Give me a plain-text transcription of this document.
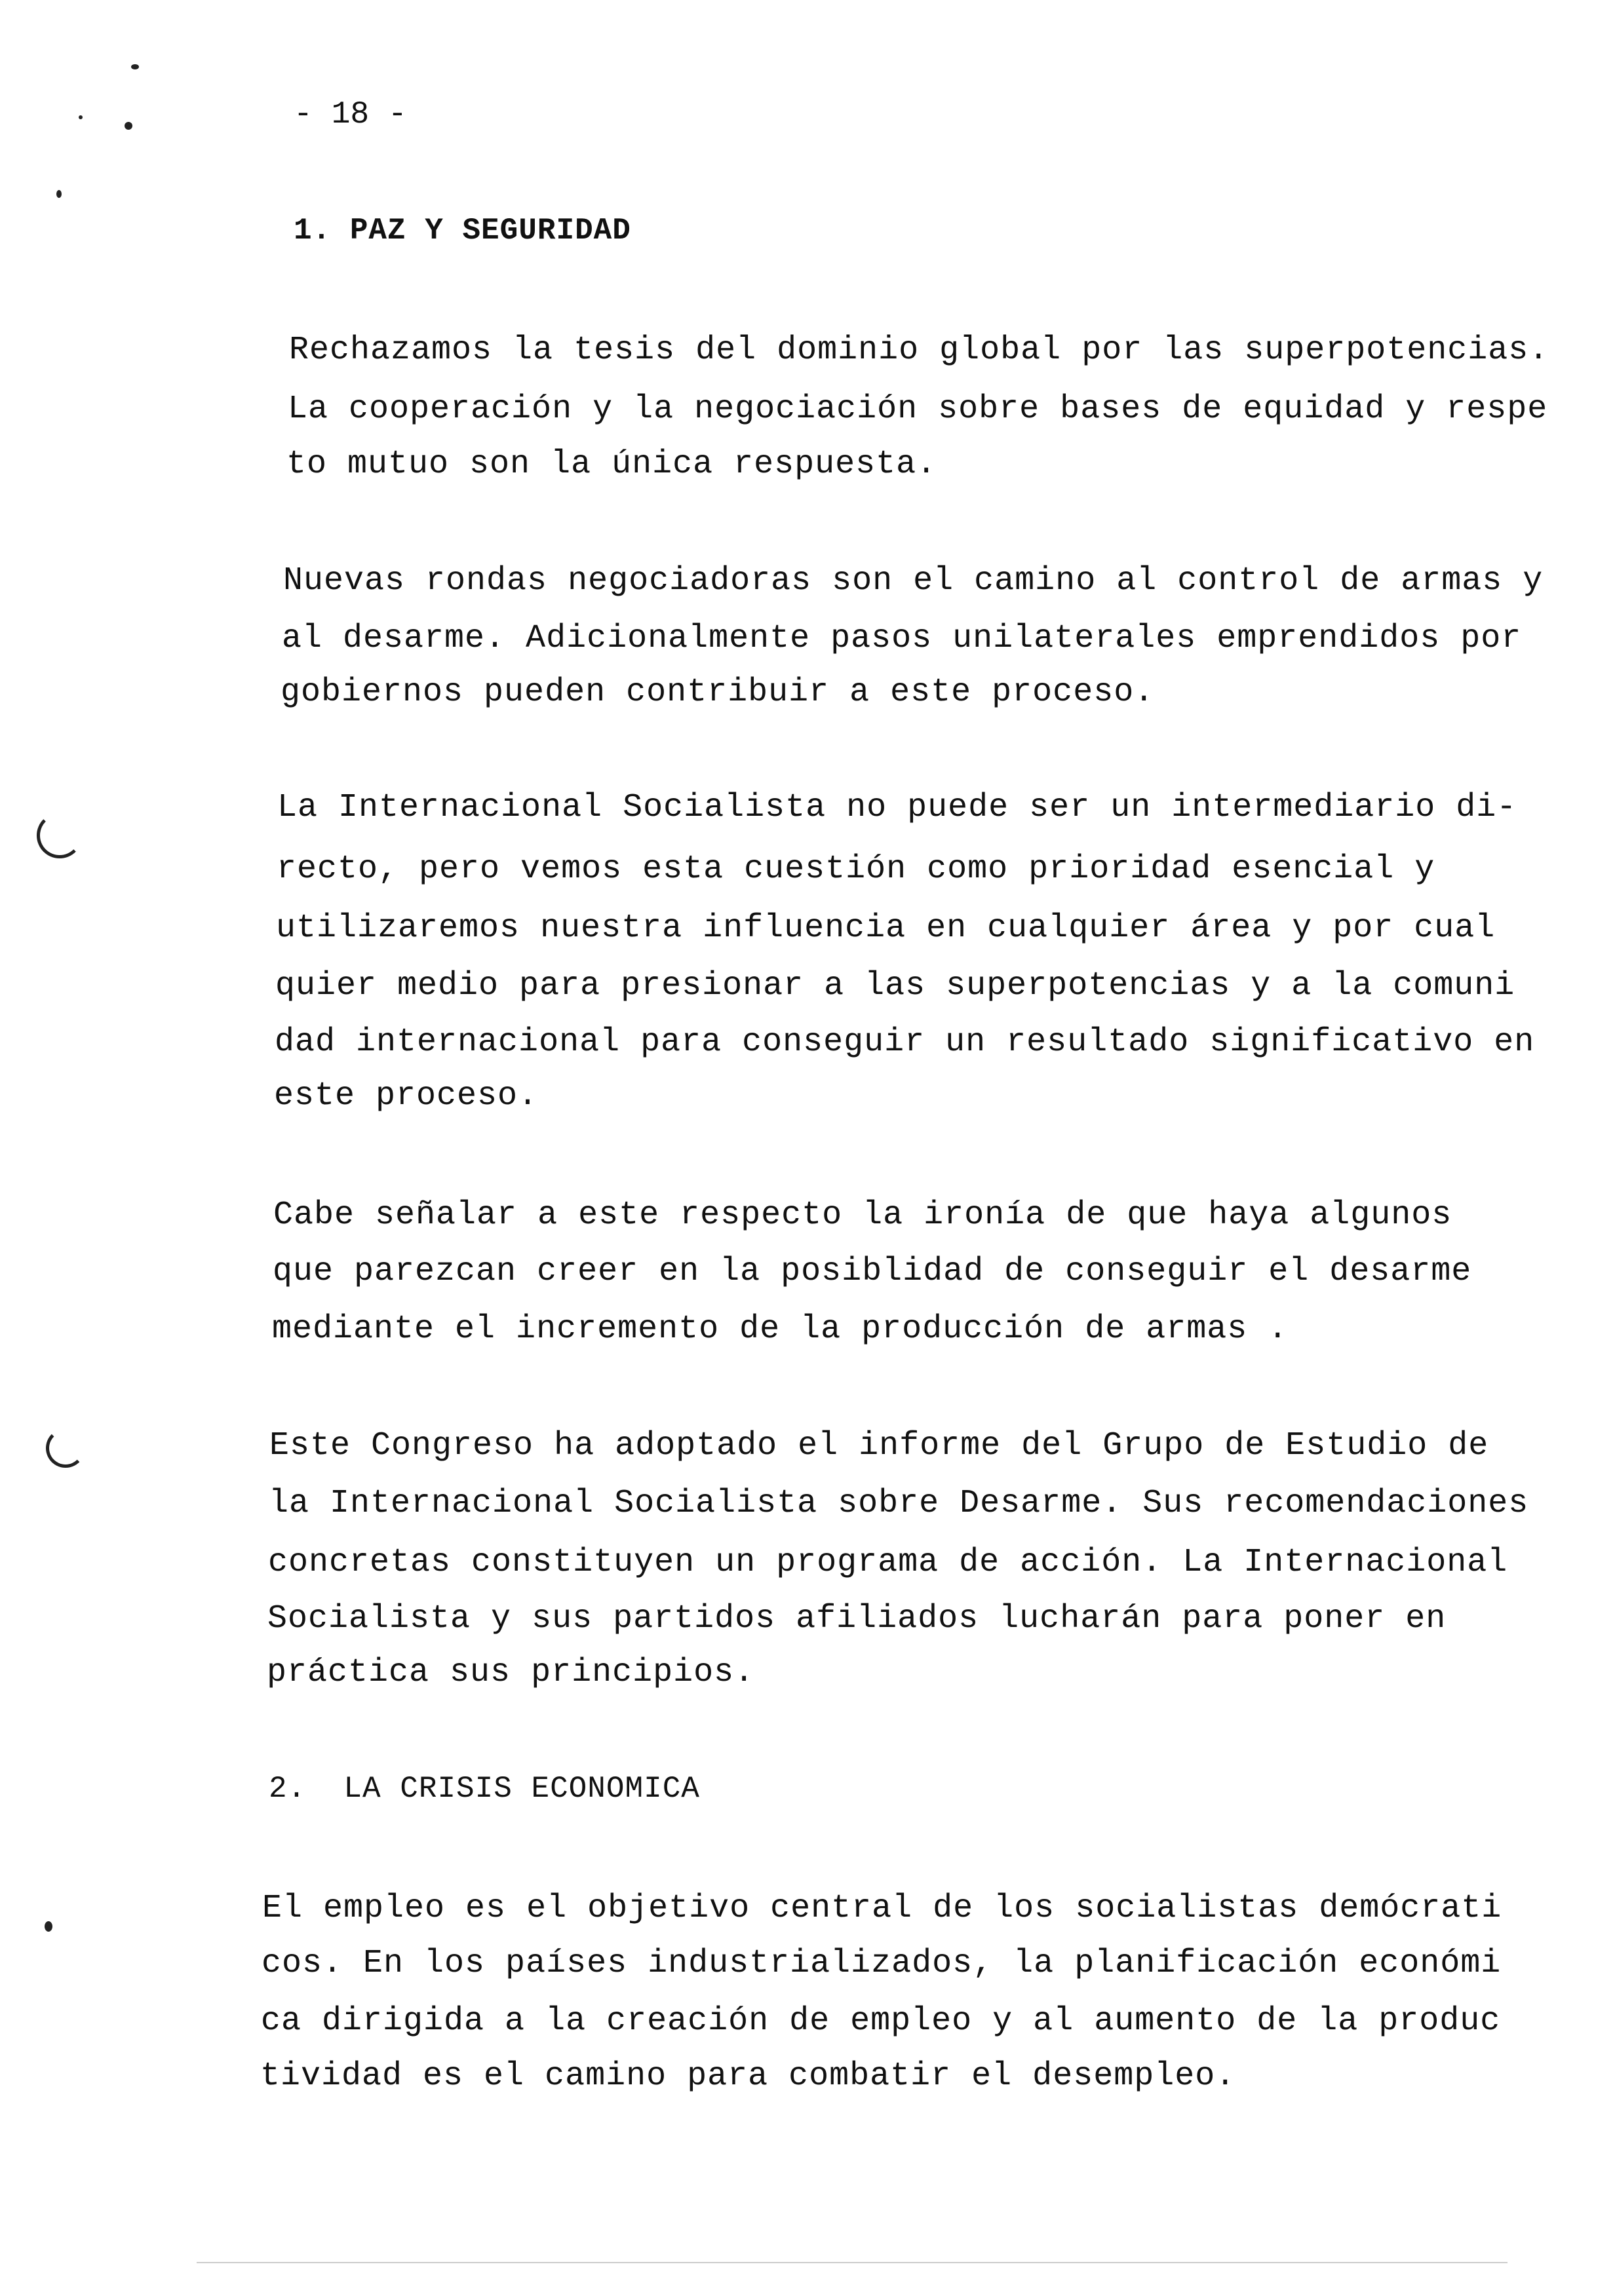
- 18 -
1. PAZ Y SEGURIDAD
Rechazamos la tesis del dominio global por las superpotencias.
La cooperación y la negociación sobre bases de equidad y respe
to mutuo son la única respuesta.
Nuevas rondas negociadoras son el camino al control de armas y
al desarme. Adicionalmente pasos unilaterales emprendidos por
gobiernos pueden contribuir a este proceso.
La Internacional Socialista no puede ser un intermediario di-
recto, pero vemos esta cuestión como prioridad esencial y
utilizaremos nuestra influencia en cualquier área y por cual
quier medio para presionar a las superpotencias y a la comuni
dad internacional para conseguir un resultado significativo en
este proceso.
Cabe señalar a este respecto la ironía de que haya algunos
que parezcan creer en la posiblidad de conseguir el desarme
mediante el incremento de la producción de armas .
Este Congreso ha adoptado el informe del Grupo de Estudio de
la Internacional Socialista sobre Desarme. Sus recomendaciones
concretas constituyen un programa de acción. La Internacional
Socialista y sus partidos afiliados lucharán para poner en
práctica sus principios.
2.  LA CRISIS ECONOMICA
El empleo es el objetivo central de los socialistas demócrati
cos. En los países industrializados, la planificación económi
ca dirigida a la creación de empleo y al aumento de la produc
tividad es el camino para combatir el desempleo.
